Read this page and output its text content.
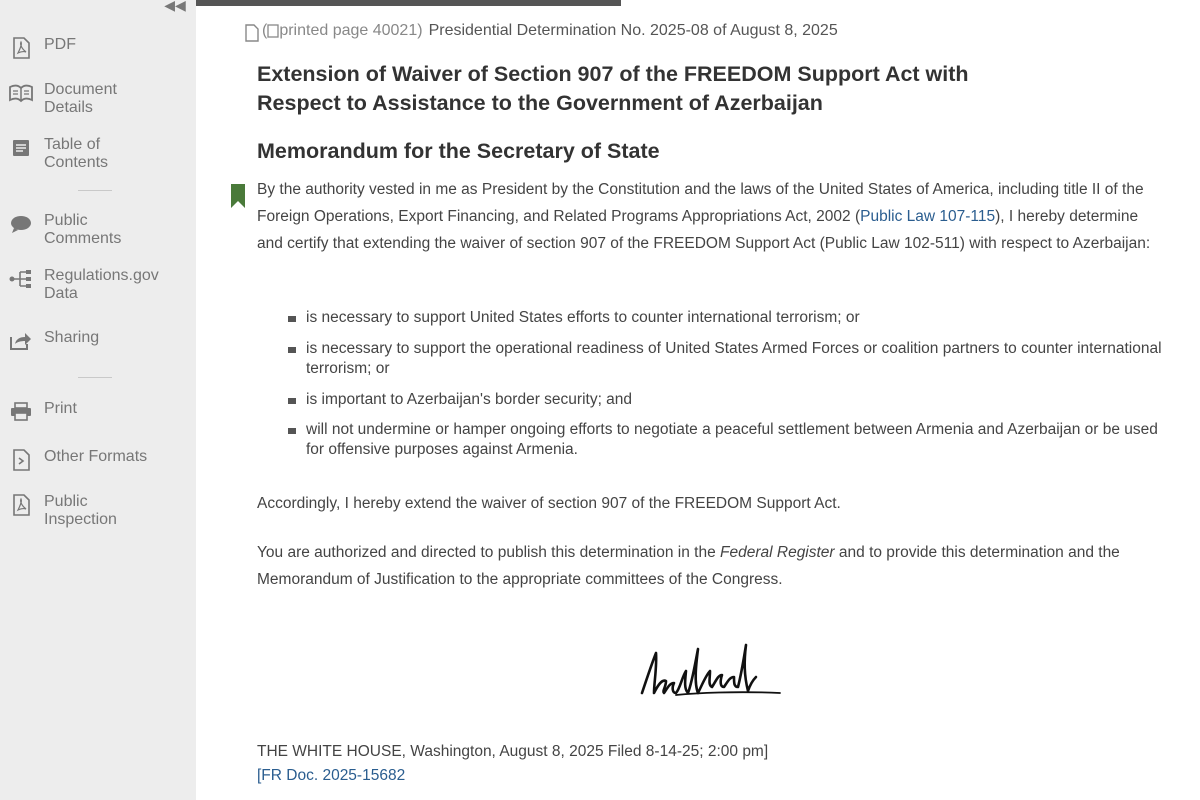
PDF
Document
Details
Table of
Contents
Public
Comments
Regulations.gov
Data
Sharing
Print
Other Formats
Public
Inspection
◀◀
( printed page 40021) Presidential Determination No. 2025-08 of August 8, 2025
Extension of Waiver of Section 907 of the FREEDOM Support Act with
Respect to Assistance to the Government of Azerbaijan
Memorandum for the Secretary of State
By the authority vested in me as President by the Constitution and the laws of the United States of America, including title II of the Foreign Operations, Export Financing, and Related Programs Appropriations Act, 2002 (Public Law 107-115), I hereby determine and certify that extending the waiver of section 907 of the FREEDOM Support Act (Public Law 102-511) with respect to Azerbaijan:
is necessary to support United States efforts to counter international terrorism; or
is necessary to support the operational readiness of United States Armed Forces or coalition partners to counter international terrorism; or
is important to Azerbaijan's border security; and
will not undermine or hamper ongoing efforts to negotiate a peaceful settlement between Armenia and Azerbaijan or be used for offensive purposes against Armenia.
Accordingly, I hereby extend the waiver of section 907 of the FREEDOM Support Act.
You are authorized and directed to publish this determination in the Federal Register and to provide this determination and the Memorandum of Justification to the appropriate committees of the Congress.
THE WHITE HOUSE, Washington, August 8, 2025 Filed 8-14-25; 2:00 pm]
[FR Doc. 2025-15682
